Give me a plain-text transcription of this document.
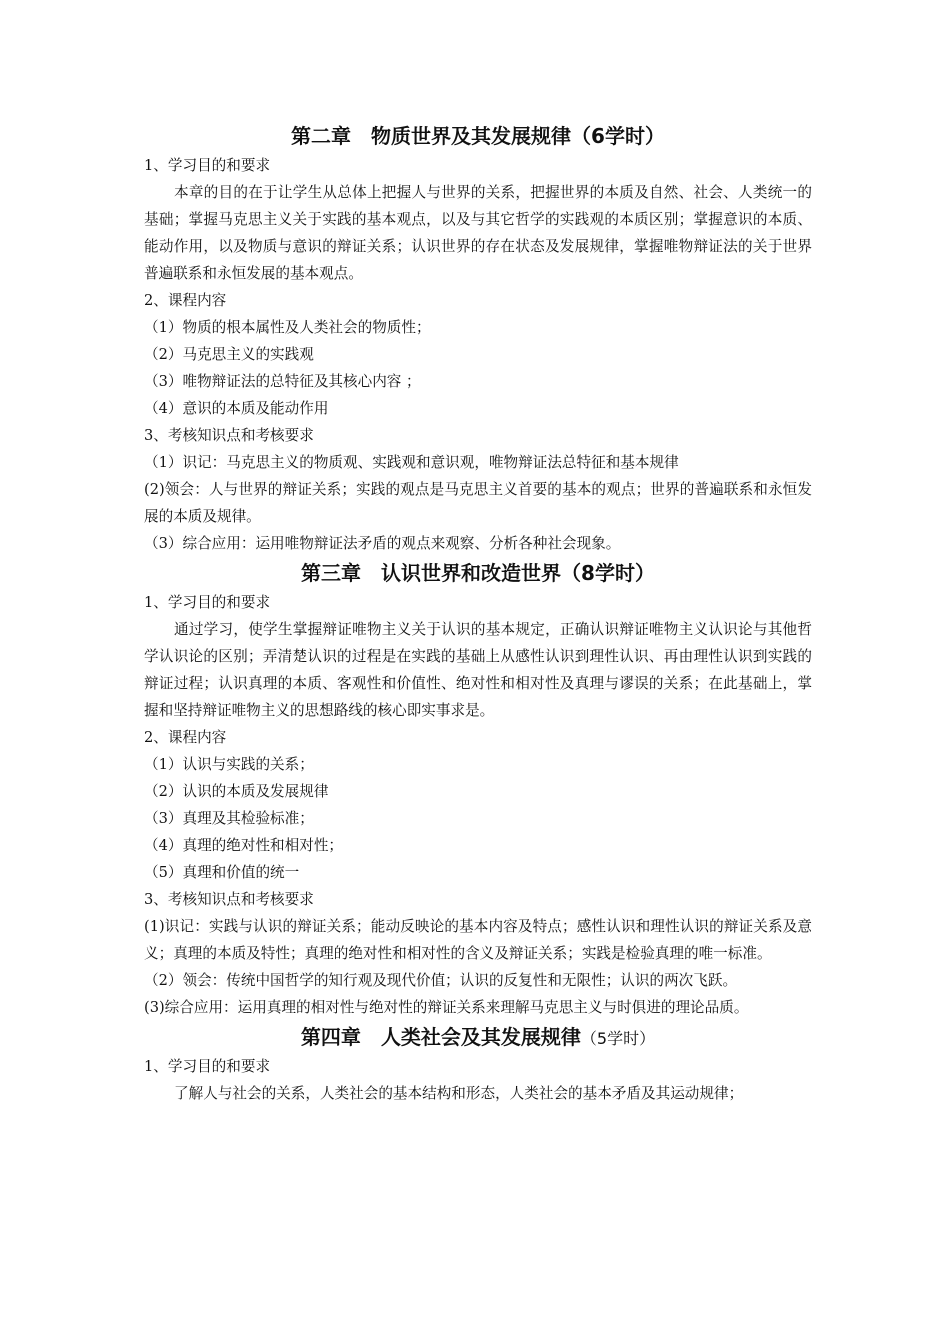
第二章　物质世界及其发展规律（6学时）

1、学习目的和要求

本章的目的在于让学生从总体上把握人与世界的关系，把握世界的本质及自然、社会、人类统一的基础；掌握马克思主义关于实践的基本观点，以及与其它哲学的实践观的本质区别；掌握意识的本质、能动作用，以及物质与意识的辩证关系；认识世界的存在状态及发展规律，掌握唯物辩证法的关于世界普遍联系和永恒发展的基本观点。

2、课程内容

（1）物质的根本属性及人类社会的物质性；

（2）马克思主义的实践观

（3）唯物辩证法的总特征及其核心内容 ；

（4）意识的本质及能动作用

3、考核知识点和考核要求

（1）识记：马克思主义的物质观、实践观和意识观，唯物辩证法总特征和基本规律

(2)领会：人与世界的辩证关系；实践的观点是马克思主义首要的基本的观点；世界的普遍联系和永恒发展的本质及规律。

（3）综合应用：运用唯物辩证法矛盾的观点来观察、分析各种社会现象。

第三章　认识世界和改造世界（8学时）

1、学习目的和要求

通过学习，使学生掌握辩证唯物主义关于认识的基本规定，正确认识辩证唯物主义认识论与其他哲学认识论的区别；弄清楚认识的过程是在实践的基础上从感性认识到理性认识、再由理性认识到实践的辩证过程；认识真理的本质、客观性和价值性、绝对性和相对性及真理与谬误的关系；在此基础上，掌握和坚持辩证唯物主义的思想路线的核心即实事求是。

2、课程内容

（1）认识与实践的关系；

（2）认识的本质及发展规律

（3）真理及其检验标准；

（4）真理的绝对性和相对性；

（5）真理和价值的统一

3、考核知识点和考核要求

(1)识记：实践与认识的辩证关系；能动反映论的基本内容及特点；感性认识和理性认识的辩证关系及意义；真理的本质及特性；真理的绝对性和相对性的含义及辩证关系；实践是检验真理的唯一标准。

（2）领会：传统中国哲学的知行观及现代价值；认识的反复性和无限性；认识的两次飞跃。

(3)综合应用：运用真理的相对性与绝对性的辩证关系来理解马克思主义与时俱进的理论品质。

第四章　人类社会及其发展规律（5学时）

1、学习目的和要求

了解人与社会的关系，人类社会的基本结构和形态，人类社会的基本矛盾及其运动规律；
